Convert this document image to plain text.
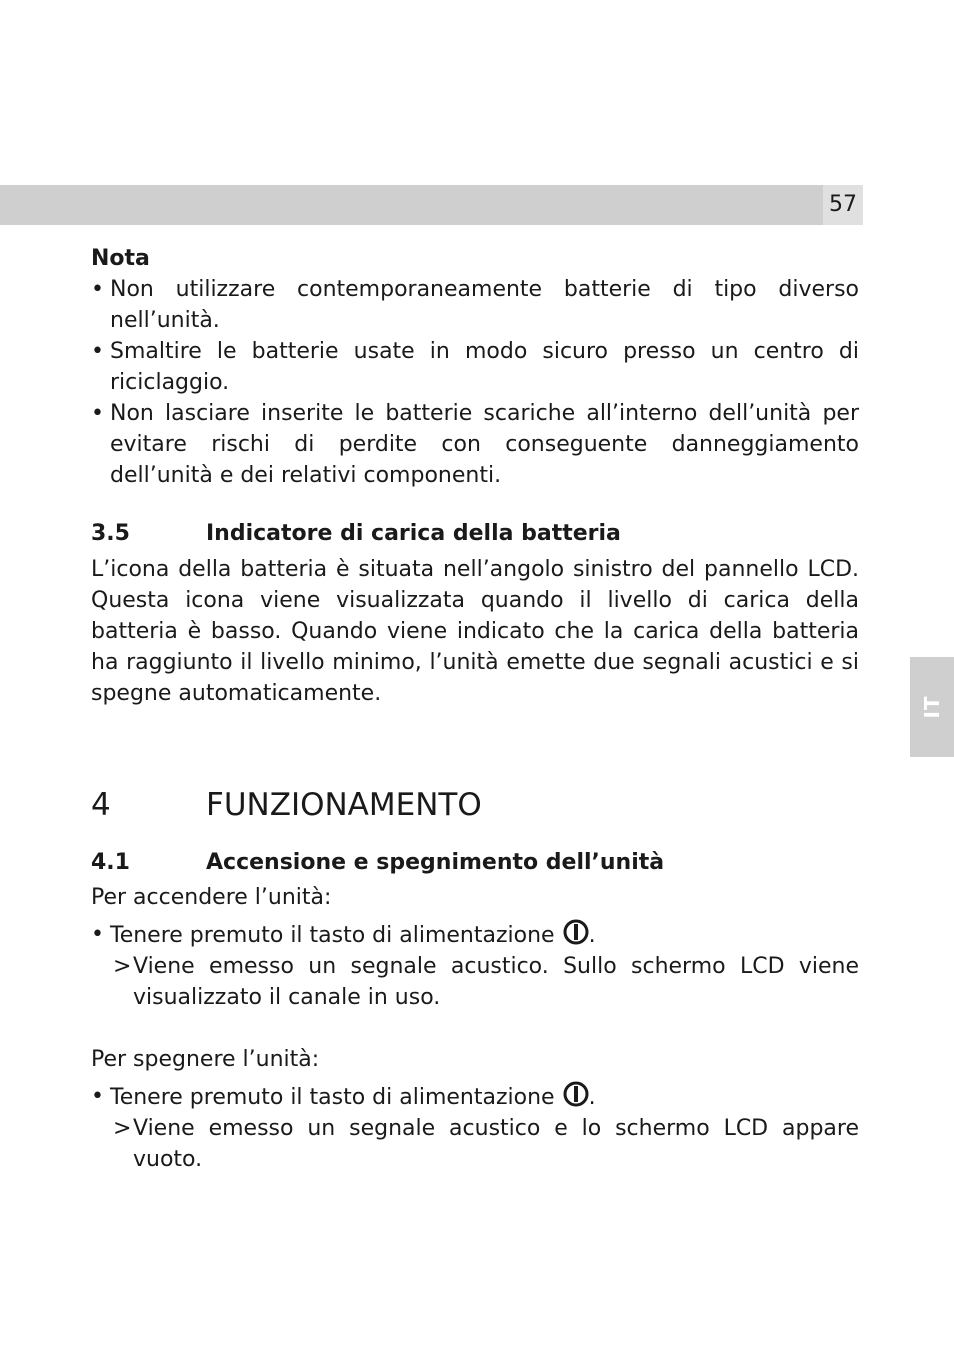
57
IT

Nota

• Non utilizzare contemporaneamente batterie di tipo diverso nell’unità.
• Smaltire le batterie usate in modo sicuro presso un centro di riciclaggio.
• Non lasciare inserite le batterie scariche all’interno dell’unità per evitare rischi di perdite con conseguente danneggiamento dell’unità e dei relativi componenti.
3.5	Indicatore di carica della batteria

L’icona della batteria è situata nell’angolo sinistro del pannello LCD. Questa icona viene visualizzata quando il livello di carica della batteria è basso. Quando viene indicato che la carica della batteria ha raggiunto il livello minimo, l’unità emette due segnali acustici e si spegne automaticamente.

4	FUNZIONAMENTO
4.1	Accensione e spegnimento dell’unità

Per accendere l’unità:

• Tenere premuto il tasto di alimentazione .
> Viene emesso un segnale acustico. Sullo schermo LCD viene visualizzato il canale in uso.

Per spegnere l’unità:

• Tenere premuto il tasto di alimentazione .
> Viene emesso un segnale acustico e lo schermo LCD appare vuoto.
